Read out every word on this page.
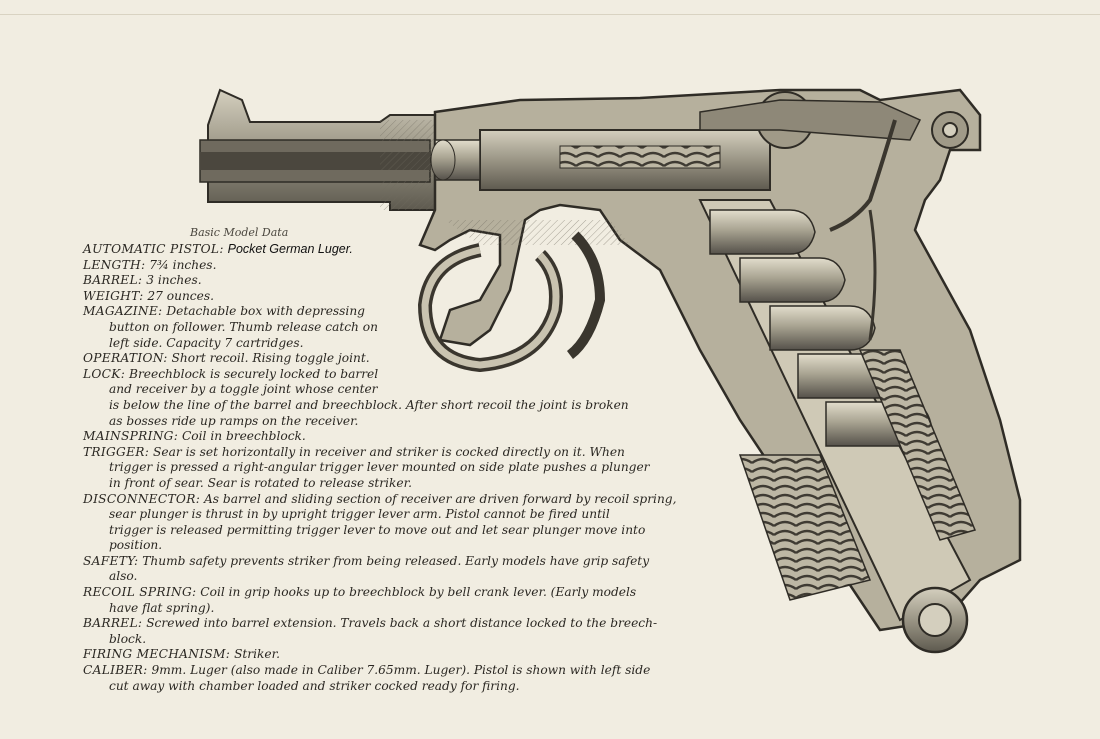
Basic Model Data

AUTOMATIC PISTOL: Pocket German Luger.

LENGTH: 7¾ inches.

BARREL: 3 inches.

WEIGHT: 27 ounces.

MAGAZINE: Detachable box with depressing

button on follower. Thumb release catch on

left side. Capacity 7 cartridges.

OPERATION: Short recoil. Rising toggle joint.

LOCK: Breechblock is securely locked to barrel

and receiver by a toggle joint whose center

is below the line of the barrel and breechblock. After short recoil the joint is broken

as bosses ride up ramps on the receiver.

MAINSPRING: Coil in breechblock.

TRIGGER: Sear is set horizontally in receiver and striker is cocked directly on it. When

trigger is pressed a right-angular trigger lever mounted on side plate pushes a plunger

in front of sear. Sear is rotated to release striker.

DISCONNECTOR: As barrel and sliding section of receiver are driven forward by recoil spring,

sear plunger is thrust in by upright trigger lever arm. Pistol cannot be fired until

trigger is released permitting trigger lever to move out and let sear plunger move into

position.

SAFETY: Thumb safety prevents striker from being released. Early models have grip safety

also.

RECOIL SPRING: Coil in grip hooks up to breechblock by bell crank lever. (Early models

have flat spring).

BARREL: Screwed into barrel extension. Travels back a short distance locked to the breech-

block.

FIRING MECHANISM: Striker.

CALIBER: 9mm. Luger (also made in Caliber 7.65mm. Luger). Pistol is shown with left side

cut away with chamber loaded and striker cocked ready for firing.
